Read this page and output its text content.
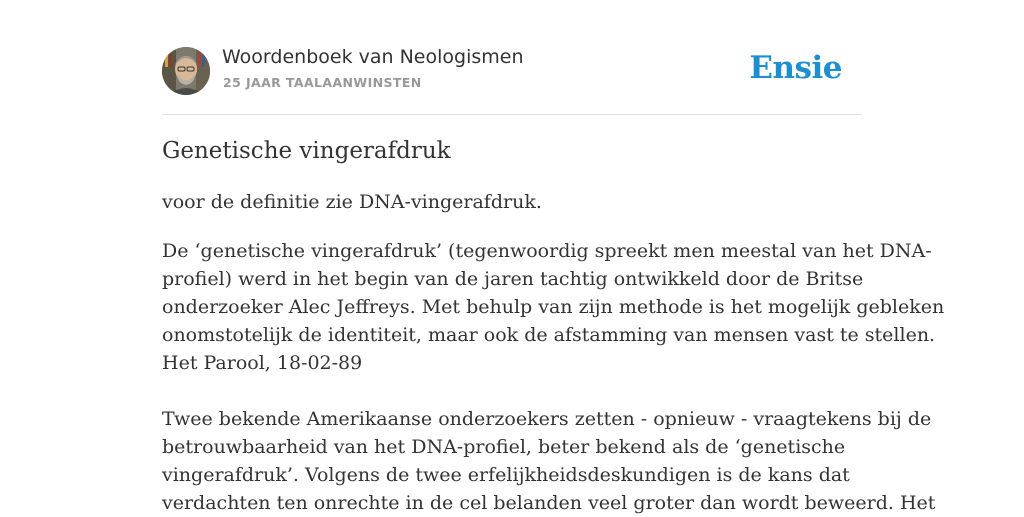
Woordenboek van Neologismen
25 JAAR TAALAANWINSTEN	Ensie
Genetische vingerafdruk

voor de definitie zie DNA-vingerafdruk.

De ‘genetische vingerafdruk’ (tegenwoordig spreekt men meestal van het DNA-
profiel) werd in het begin van de jaren tachtig ontwikkeld door de Britse
onderzoeker Alec Jeffreys. Met behulp van zijn methode is het mogelijk gebleken
onomstotelijk de identiteit, maar ook de afstamming van mensen vast te stellen.
Het Parool, 18-02-89
Twee bekende Amerikaanse onderzoekers zetten - opnieuw - vraagtekens bij de
betrouwbaarheid van het DNA-profiel, beter bekend als de ‘genetische
vingerafdruk’. Volgens de twee erfelijkheidsdeskundigen is de kans dat
verdachten ten onrechte in de cel belanden veel groter dan wordt beweerd. Het
